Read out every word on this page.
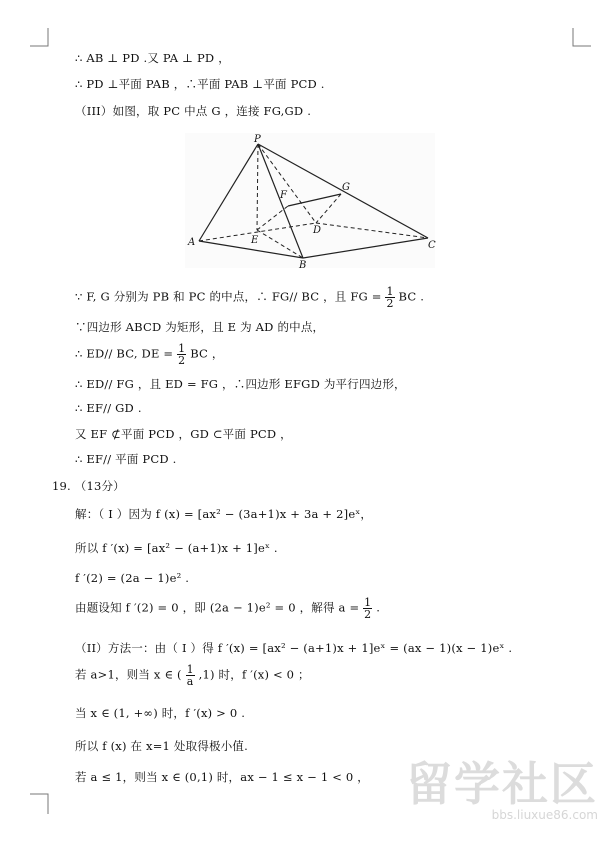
∴ AB ⊥ PD .又 PA ⊥ PD ，
∴ PD ⊥平面 PAB ，∴平面 PAB ⊥平面 PCD .
（III）如图，取 PC 中点 G ，连接 FG,GD .
P
A
B
C
D
E
F
G
∵ F, G 分别为 PB 和 PC 的中点，∴ FG// BC ，且 FG = $\frac{1}{2}$ BC .
∵四边形 ABCD 为矩形，且 E 为 AD 的中点，
∴ ED// BC, DE = $\frac{1}{2}$ BC ，
∴ ED// FG ，且 ED = FG ，∴四边形 EFGD 为平行四边形，
∴ EF// GD .
又 EF ⊄平面 PCD ，GD ⊂平面 PCD ，
∴ EF// 平面 PCD .
19. （13分）
解：（ I ）因为 f (x) = [ax² − (3a+1)x + 3a + 2]eˣ，
所以 f ′(x) = [ax² − (a+1)x + 1]eˣ .
f ′(2) = (2a − 1)e² .
由题设知 f ′(2) = 0 ，即 (2a − 1)e² = 0 ，解得 $a = \frac{1}{2}$ .
（II）方法一：由（ I ）得 f ′(x) = [ax² − (a+1)x + 1]eˣ = (ax − 1)(x − 1)eˣ .
若 a>1，则当 x ∈ ( $\frac{1}{a} ,1$) 时，f ′(x) < 0 ；
当 x ∈ (1, +∞) 时，f ′(x) > 0 .
所以 f (x) 在 x=1 处取得极小值.
若 a ≤ 1，则当 x ∈ (0,1) 时，ax − 1 ≤ x − 1 < 0 ， 留学社区
bbs.liuxue86.com
